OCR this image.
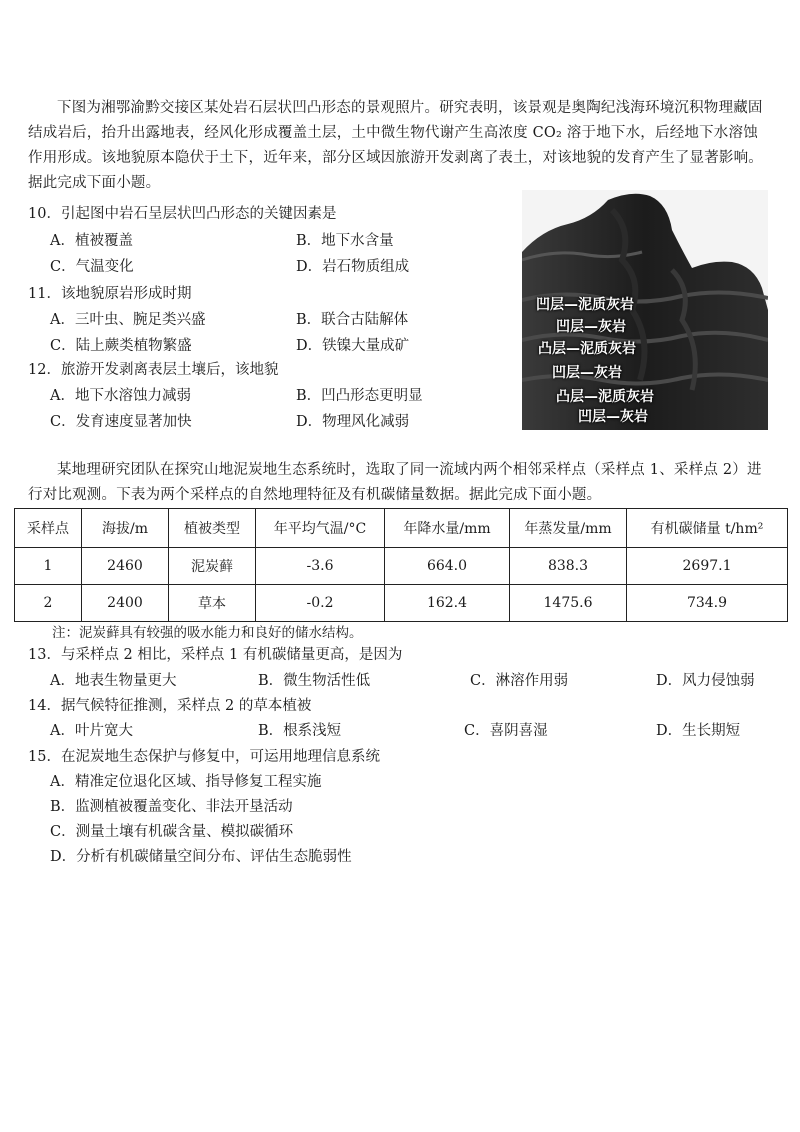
下图为湘鄂渝黔交接区某处岩石层状凹凸形态的景观照片。研究表明，该景观是奥陶纪浅海环境沉积物理藏固结成岩后，抬升出露地表，经风化形成覆盖土层，土中微生物代谢产生高浓度 CO₂ 溶于地下水，后经地下水溶蚀作用形成。该地貌原本隐伏于土下，近年来，部分区域因旅游开发剥离了表土，对该地貌的发育产生了显著影响。据此完成下面小题。
10．引起图中岩石呈层状凹凸形态的关键因素是
A．植被覆盖	B．地下水含量
C．气温变化	D．岩石物质组成
11．该地貌原岩形成时期
A．三叶虫、腕足类兴盛	B．联合古陆解体
C．陆上蕨类植物繁盛	D．铁镍大量成矿
12．旅游开发剥离表层土壤后，该地貌
A．地下水溶蚀力减弱	B．凹凸形态更明显
C．发育速度显著加快	D．物理风化减弱
凹层—泥质灰岩
凹层—灰岩
凸层—泥质灰岩
凹层—灰岩
凸层—泥质灰岩
凹层—灰岩
某地理研究团队在探究山地泥炭地生态系统时，选取了同一流域内两个相邻采样点（采样点 1、采样点 2）进行对比观测。下表为两个采样点的自然地理特征及有机碳储量数据。据此完成下面小题。
采样点	海拔/m	植被类型	年平均气温/°C	年降水量/mm	年蒸发量/mm	有机碳储量 t/hm²
1	2460	泥炭藓	-3.6	664.0	838.3	2697.1
2	2400	草本	-0.2	162.4	1475.6	734.9
注：泥炭藓具有较强的吸水能力和良好的储水结构。
13．与采样点 2 相比，采样点 1 有机碳储量更高，是因为
A．地表生物量更大	B．微生物活性低	C．淋溶作用弱	D．风力侵蚀弱
14．据气候特征推测，采样点 2 的草本植被
A．叶片宽大	B．根系浅短	C．喜阴喜湿	D．生长期短
15．在泥炭地生态保护与修复中，可运用地理信息系统
A．精准定位退化区域、指导修复工程实施
B．监测植被覆盖变化、非法开垦活动
C．测量土壤有机碳含量、模拟碳循环
D．分析有机碳储量空间分布、评估生态脆弱性
